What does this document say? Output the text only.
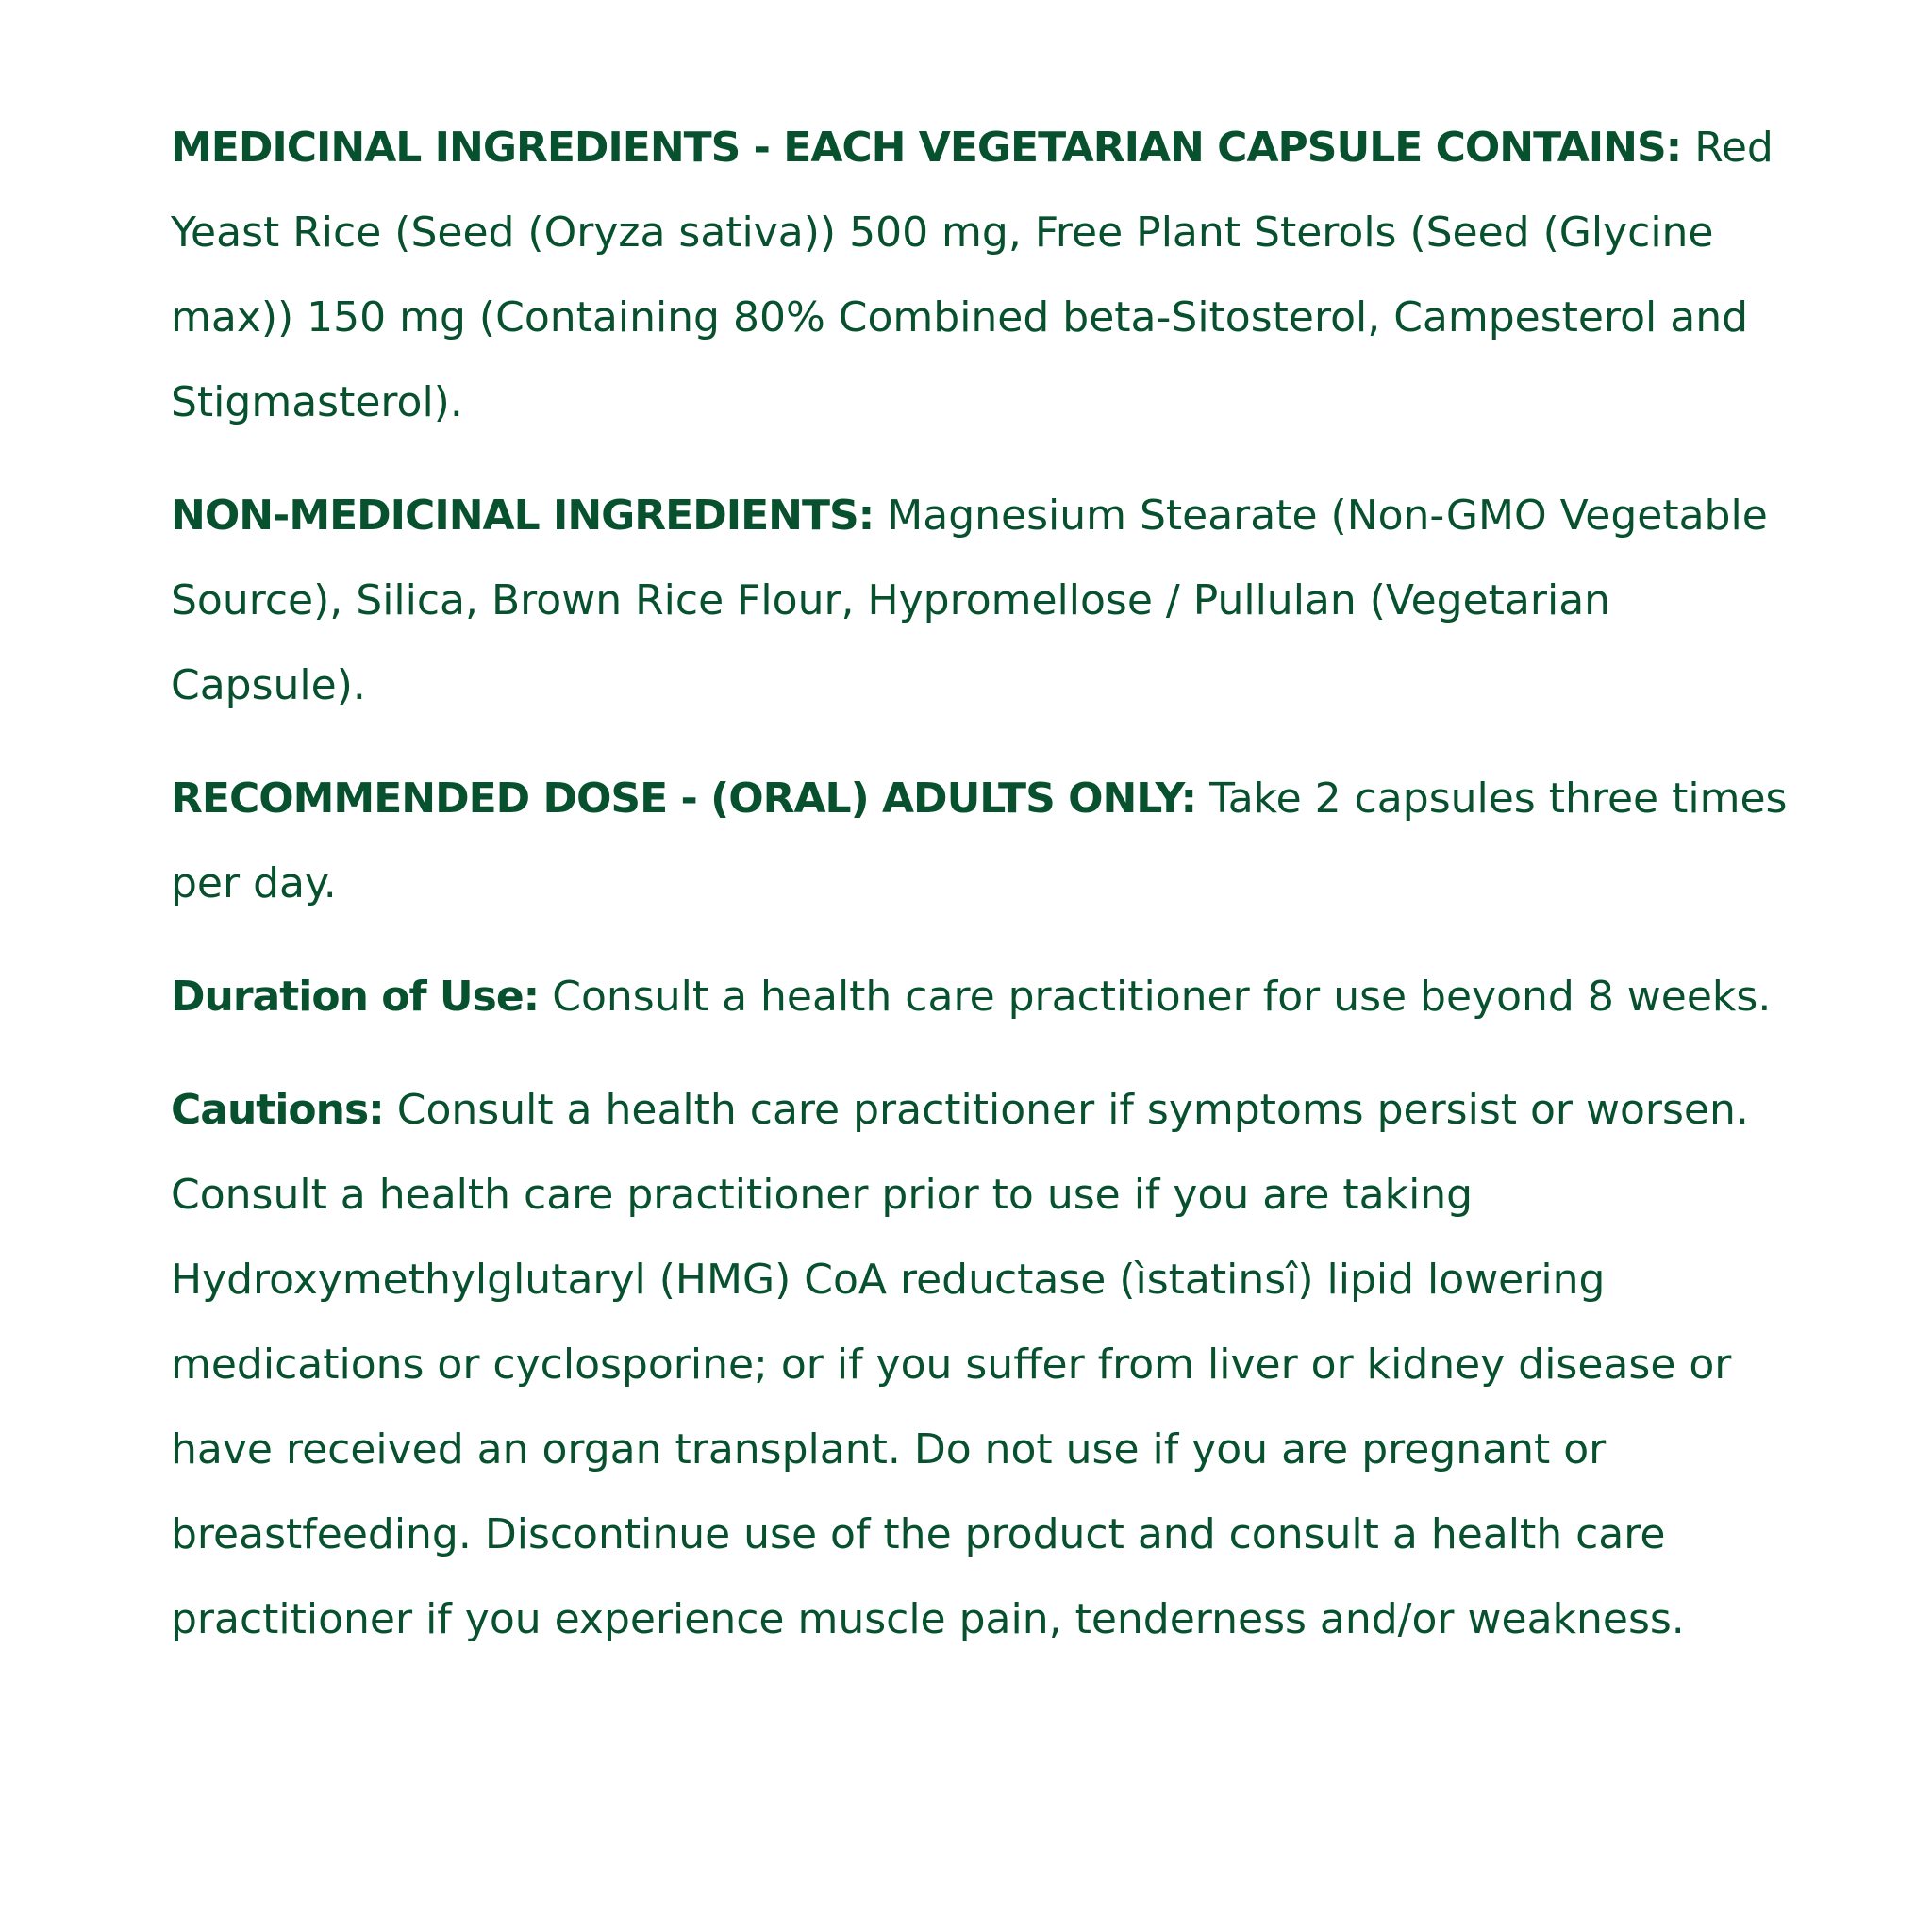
MEDICINAL INGREDIENTS - EACH VEGETARIAN CAPSULE CONTAINS: Red Yeast Rice (Seed (Oryza sativa)) 500 mg, Free Plant Sterols (Seed (Glycine max)) 150 mg (Containing 80% Combined beta-Sitosterol, Campesterol and Stigmasterol).

NON-MEDICINAL INGREDIENTS: Magnesium Stearate (Non-GMO Vegetable Source), Silica, Brown Rice Flour, Hypromellose / Pullulan (Vegetarian Capsule).

RECOMMENDED DOSE - (ORAL) ADULTS ONLY: Take 2 capsules three times per day.

Duration of Use: Consult a health care practitioner for use beyond 8 weeks.

Cautions: Consult a health care practitioner if symptoms persist or worsen. Consult a health care practitioner prior to use if you are taking Hydroxymethylglutaryl (HMG) CoA reductase (ìstatinsî) lipid lowering medications or cyclosporine; or if you suffer from liver or kidney disease or have received an organ transplant. Do not use if you are pregnant or breastfeeding. Discontinue use of the product and consult a health care practitioner if you experience muscle pain, tenderness and/or weakness.
